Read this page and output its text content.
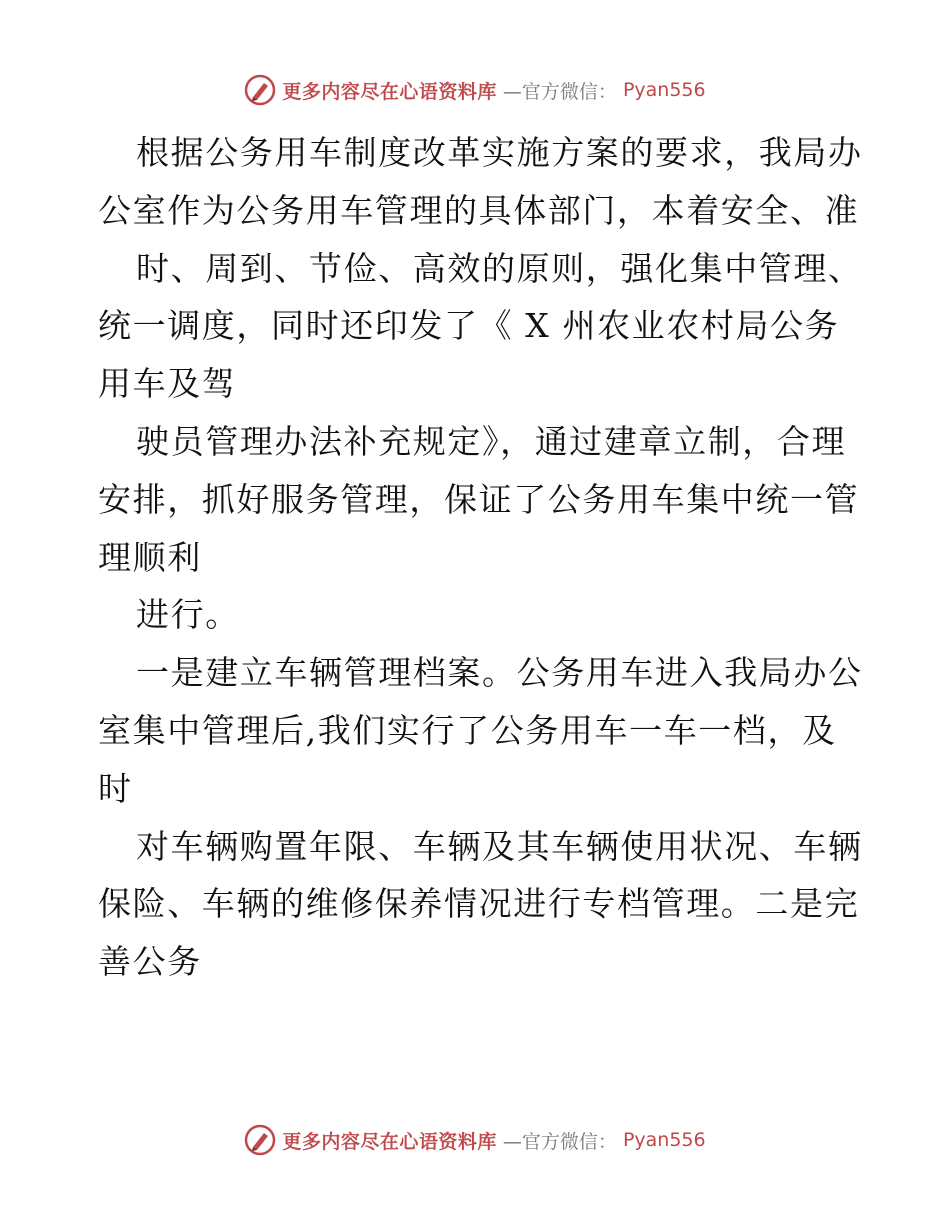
更多内容尽在心语资料库 —官方微信： Pyan556
根据公务用车制度改革实施方案的要求，我局办
公室作为公务用车管理的具体部门，本着安全、准
时、周到、节俭、高效的原则，强化集中管理、
统一调度，同时还印发了《 X 州农业农村局公务
用车及驾
驶员管理办法补充规定》，通过建章立制，合理
安排，抓好服务管理，保证了公务用车集中统一管
理顺利
进行。
一是建立车辆管理档案。公务用车进入我局办公
室集中管理后,我们实行了公务用车一车一档，及
时
对车辆购置年限、车辆及其车辆使用状况、车辆
保险、车辆的维修保养情况进行专档管理。二是完
善公务
更多内容尽在心语资料库 —官方微信： Pyan556
